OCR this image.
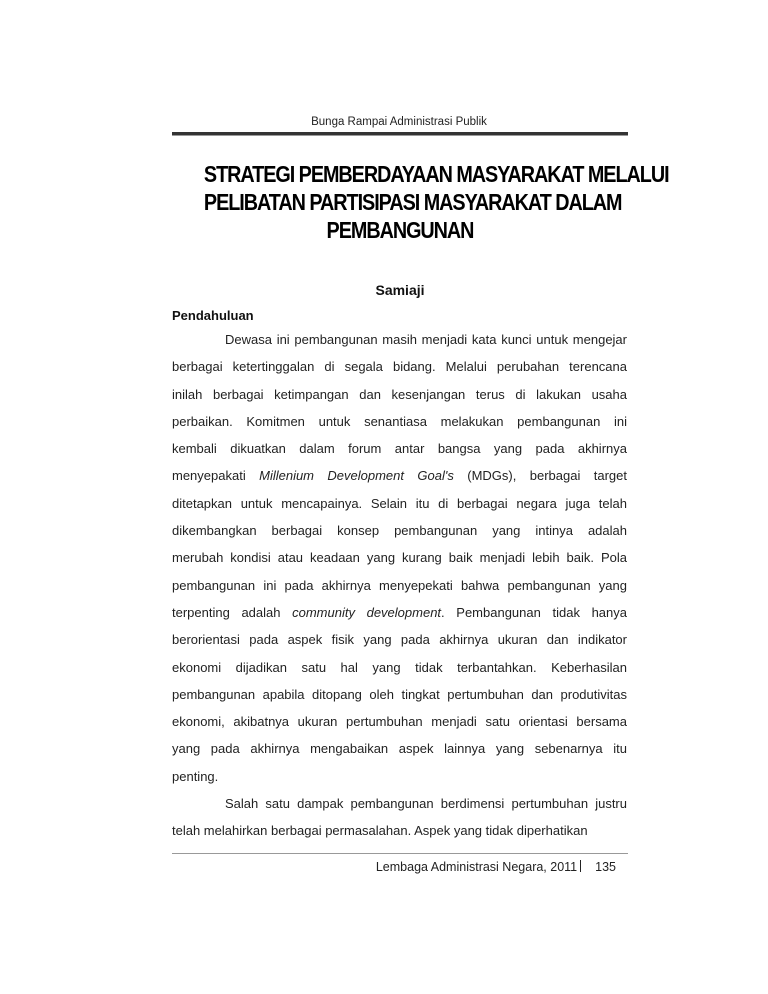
Bunga Rampai Administrasi Publik
STRATEGI PEMBERDAYAAN MASYARAKAT MELALUI
PELIBATAN PARTISIPASI MASYARAKAT DALAM
PEMBANGUNAN
Samiaji
Pendahuluan
Dewasa ini pembangunan masih menjadi kata kunci untuk mengejar
berbagai ketertinggalan di segala bidang. Melalui perubahan terencana
inilah berbagai ketimpangan dan kesenjangan terus di lakukan usaha
perbaikan. Komitmen untuk senantiasa melakukan pembangunan ini
kembali dikuatkan dalam forum antar bangsa yang pada akhirnya
menyepakati Millenium Development Goal's (MDGs), berbagai target
ditetapkan untuk mencapainya. Selain itu di berbagai negara juga telah
dikembangkan berbagai konsep pembangunan yang intinya adalah
merubah kondisi atau keadaan yang kurang baik menjadi lebih baik. Pola
pembangunan ini pada akhirnya menyepekati bahwa pembangunan yang
terpenting adalah community development. Pembangunan tidak hanya
berorientasi pada aspek fisik yang pada akhirnya ukuran dan indikator
ekonomi dijadikan satu hal yang tidak terbantahkan. Keberhasilan
pembangunan apabila ditopang oleh tingkat pertumbuhan dan produtivitas
ekonomi, akibatnya ukuran pertumbuhan menjadi satu orientasi bersama
yang pada akhirnya mengabaikan aspek lainnya yang sebenarnya itu
penting.
Salah satu dampak pembangunan berdimensi pertumbuhan justru
telah melahirkan berbagai permasalahan. Aspek yang tidak diperhatikan
Lembaga Administrasi Negara, 2011 135
